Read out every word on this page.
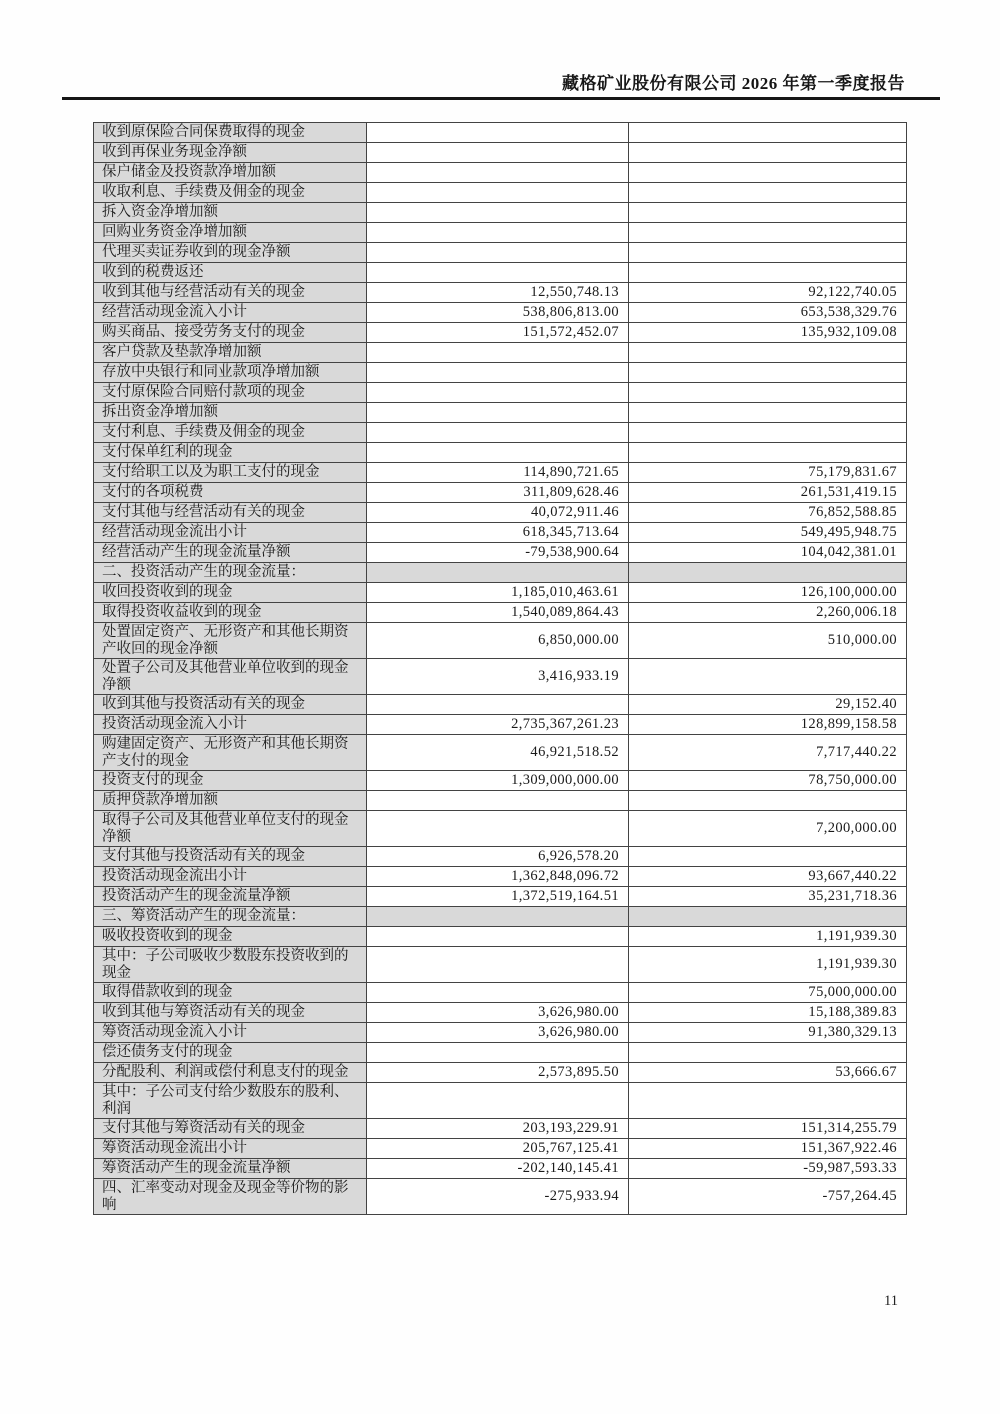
藏格矿业股份有限公司 2026 年第一季度报告
收到原保险合同保费取得的现金		
收到再保业务现金净额		
保户储金及投资款净增加额		
收取利息、手续费及佣金的现金		
拆入资金净增加额		
回购业务资金净增加额		
代理买卖证券收到的现金净额		
收到的税费返还		
收到其他与经营活动有关的现金	12,550,748.13	92,122,740.05
经营活动现金流入小计	538,806,813.00	653,538,329.76
购买商品、接受劳务支付的现金	151,572,452.07	135,932,109.08
客户贷款及垫款净增加额		
存放中央银行和同业款项净增加额		
支付原保险合同赔付款项的现金		
拆出资金净增加额		
支付利息、手续费及佣金的现金		
支付保单红利的现金		
支付给职工以及为职工支付的现金	114,890,721.65	75,179,831.67
支付的各项税费	311,809,628.46	261,531,419.15
支付其他与经营活动有关的现金	40,072,911.46	76,852,588.85
经营活动现金流出小计	618,345,713.64	549,495,948.75
经营活动产生的现金流量净额	-79,538,900.64	104,042,381.01
二、投资活动产生的现金流量：		
收回投资收到的现金	1,185,010,463.61	126,100,000.00
取得投资收益收到的现金	1,540,089,864.43	2,260,006.18
处置固定资产、无形资产和其他长期资产收回的现金净额	6,850,000.00	510,000.00
处置子公司及其他营业单位收到的现金净额	3,416,933.19	
收到其他与投资活动有关的现金		29,152.40
投资活动现金流入小计	2,735,367,261.23	128,899,158.58
购建固定资产、无形资产和其他长期资产支付的现金	46,921,518.52	7,717,440.22
投资支付的现金	1,309,000,000.00	78,750,000.00
质押贷款净增加额		
取得子公司及其他营业单位支付的现金净额		7,200,000.00
支付其他与投资活动有关的现金	6,926,578.20	
投资活动现金流出小计	1,362,848,096.72	93,667,440.22
投资活动产生的现金流量净额	1,372,519,164.51	35,231,718.36
三、筹资活动产生的现金流量：		
吸收投资收到的现金		1,191,939.30
其中：子公司吸收少数股东投资收到的现金		1,191,939.30
取得借款收到的现金		75,000,000.00
收到其他与筹资活动有关的现金	3,626,980.00	15,188,389.83
筹资活动现金流入小计	3,626,980.00	91,380,329.13
偿还债务支付的现金		
分配股利、利润或偿付利息支付的现金	2,573,895.50	53,666.67
其中：子公司支付给少数股东的股利、利润		
支付其他与筹资活动有关的现金	203,193,229.91	151,314,255.79
筹资活动现金流出小计	205,767,125.41	151,367,922.46
筹资活动产生的现金流量净额	-202,140,145.41	-59,987,593.33
四、汇率变动对现金及现金等价物的影响	-275,933.94	-757,264.45
11
